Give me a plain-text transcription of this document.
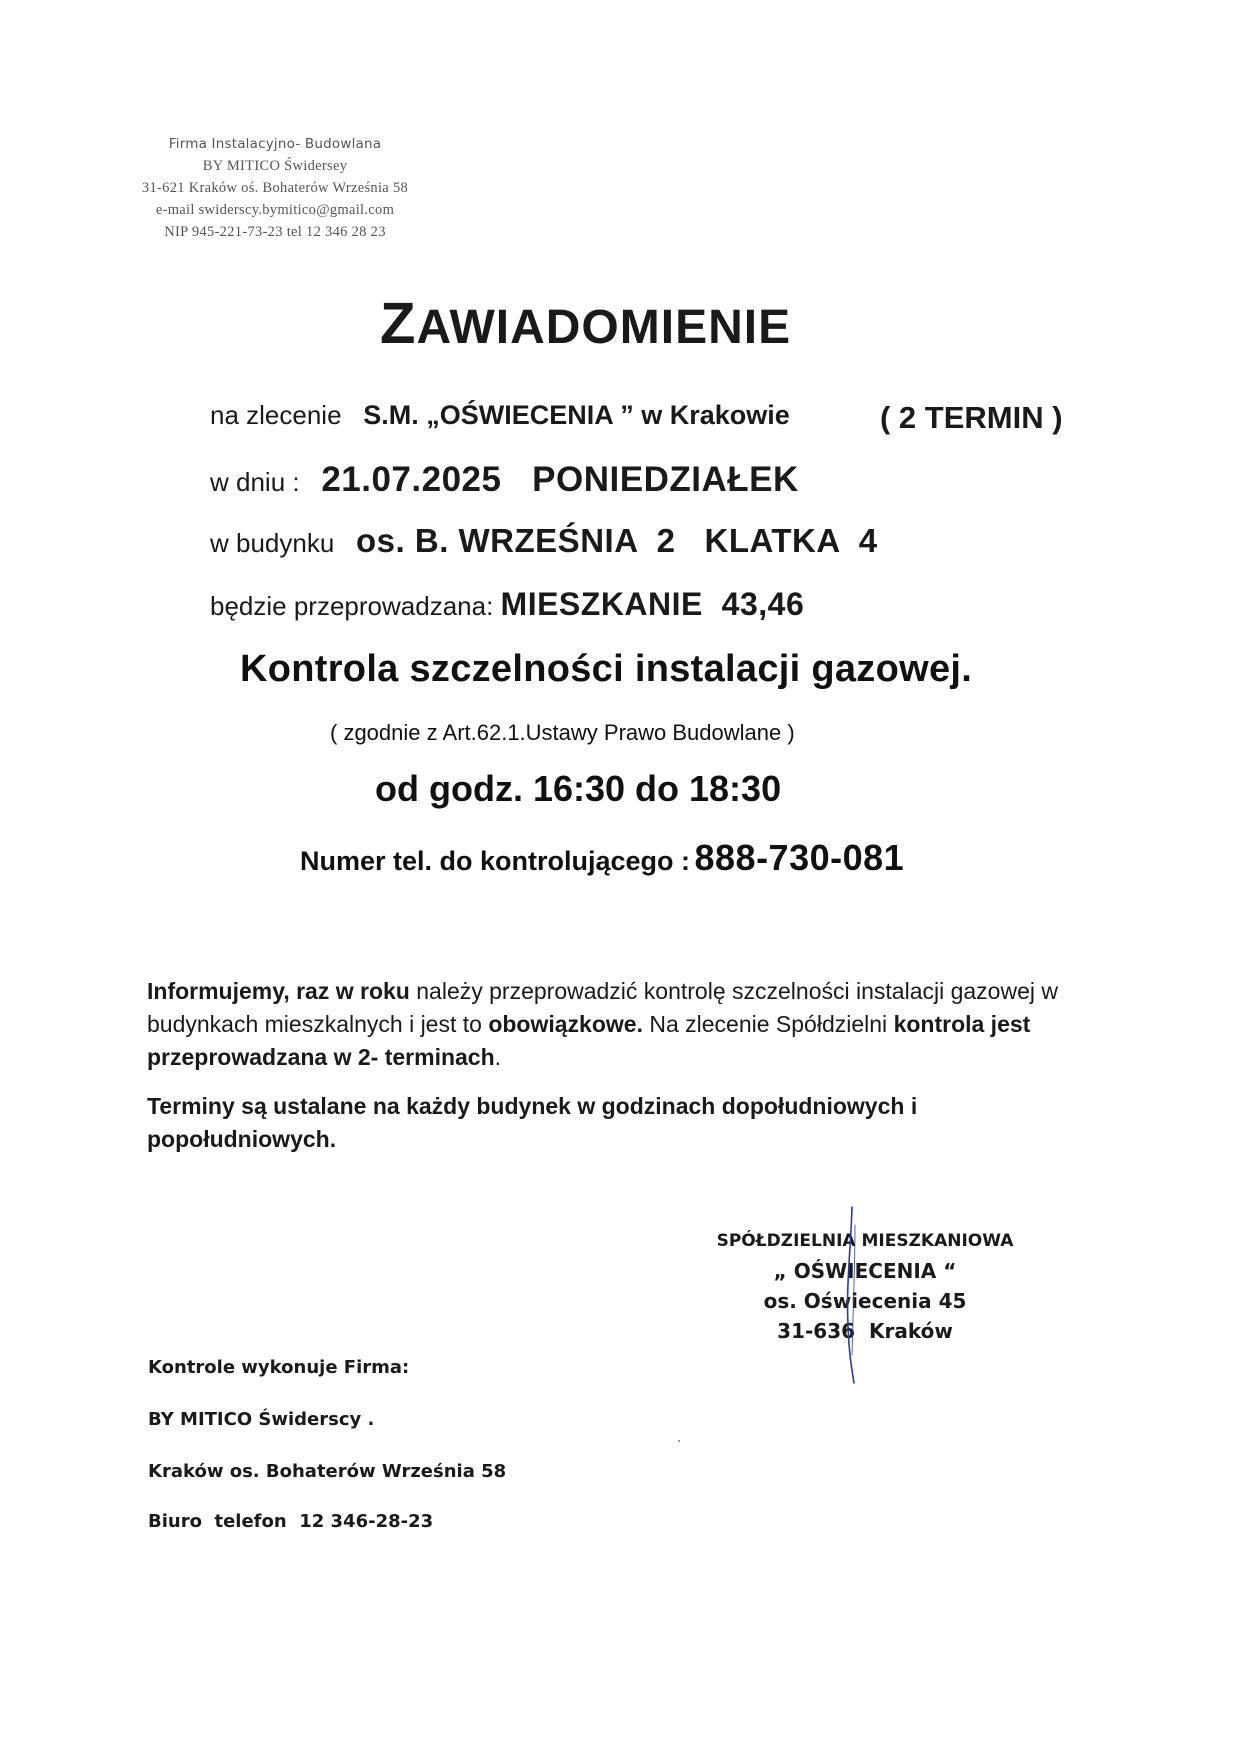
Firma Instalacyjno- Budowlana
BY MITICO Świdersey
31-621 Kraków oś. Bohaterów Września 58
e-mail swiderscy.bymitico@gmail.com
NIP 945-221-73-23 tel 12 346 28 23
ZAWIADOMIENIE
na zlecenie S.M. „OŚWIECENIA ” w Krakowie	( 2 TERMIN )
w dniu : 21.07.2025   PONIEDZIAŁEK
w budynku os. B. WRZEŚNIA  2   KLATKA  4
będzie przeprowadzana: MIESZKANIE  43,46
Kontrola szczelności instalacji gazowej.
( zgodnie z Art.62.1.Ustawy Prawo Budowlane )
od godz. 16:30 do 18:30
Numer tel. do kontrolującego : 888-730-081
Informujemy, raz w roku należy przeprowadzić kontrolę szczelności instalacji gazowej w budynkach mieszkalnych i jest to obowiązkowe. Na zlecenie Spółdzielni kontrola jest przeprowadzana w 2- terminach.
Terminy są ustalane na każdy budynek w godzinach dopołudniowych i popołudniowych.
SPÓŁDZIELNIA MIESZKANIOWA
„ OŚWIECENIA “
os. Oświecenia 45
31-636  Kraków
Kontrole wykonuje Firma:
BY MITICO Świderscy .
Kraków os. Bohaterów Września 58
Biuro  telefon  12 346-28-23
